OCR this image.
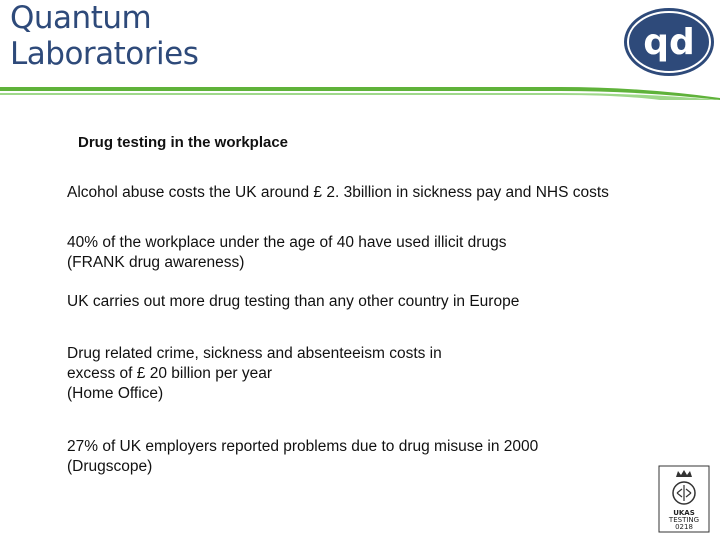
Quantum
Laboratories	qd
Drug testing in the workplace

Alcohol abuse costs the UK around £ 2. 3billion in sickness pay and NHS costs

40% of the workplace under the age of 40 have used illicit drugs
(FRANK drug awareness)

UK carries out more drug testing than any other country in Europe

Drug related crime, sickness and absenteeism costs in
excess of £ 20 billion per year
(Home Office)

27% of UK employers reported problems due to drug misuse in 2000
(Drugscope)

UKAS
TESTING
0218
